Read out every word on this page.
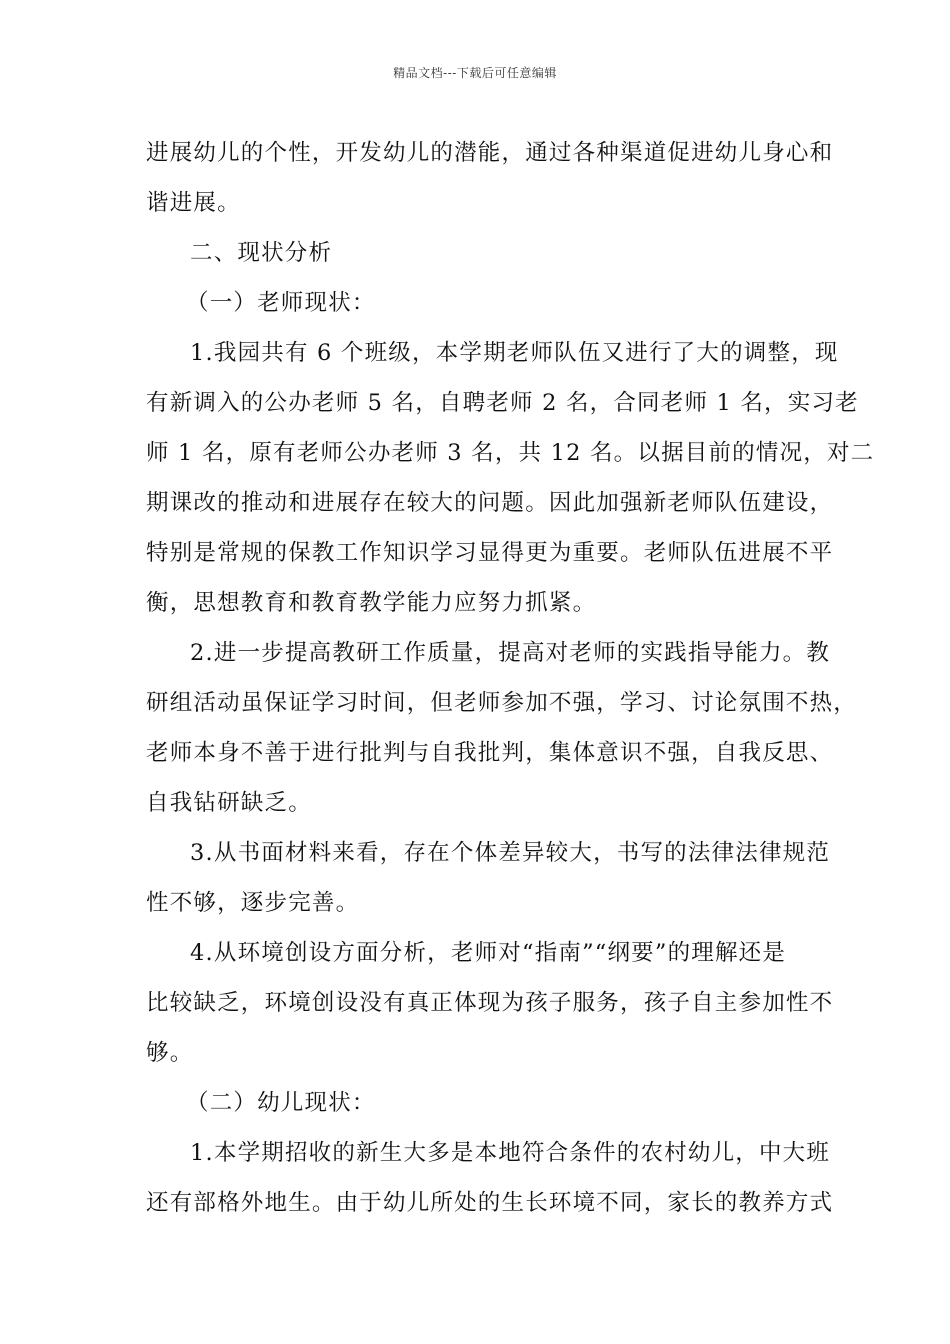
精品文档---下载后可任意编辑
进展幼儿的个性，开发幼儿的潜能，通过各种渠道促进幼儿身心和
谐进展。
二、现状分析
（一）老师现状：
1.我园共有 6 个班级，本学期老师队伍又进行了大的调整，现
有新调入的公办老师 5 名，自聘老师 2 名，合同老师 1 名，实习老
师 1 名，原有老师公办老师 3 名，共 12 名。以据目前的情况，对二
期课改的推动和进展存在较大的问题。因此加强新老师队伍建设，
特别是常规的保教工作知识学习显得更为重要。老师队伍进展不平
衡，思想教育和教育教学能力应努力抓紧。
2.进一步提高教研工作质量，提高对老师的实践指导能力。教
研组活动虽保证学习时间，但老师参加不强，学习、讨论氛围不热，
老师本身不善于进行批判与自我批判，集体意识不强，自我反思、
自我钻研缺乏。
3.从书面材料来看，存在个体差异较大，书写的法律法律规范
性不够，逐步完善。
4.从环境创设方面分析，老师对“指南”“纲要”的理解还是
比较缺乏，环境创设没有真正体现为孩子服务，孩子自主参加性不
够。
（二）幼儿现状：
1.本学期招收的新生大多是本地符合条件的农村幼儿，中大班
还有部格外地生。由于幼儿所处的生长环境不同，家长的教养方式
